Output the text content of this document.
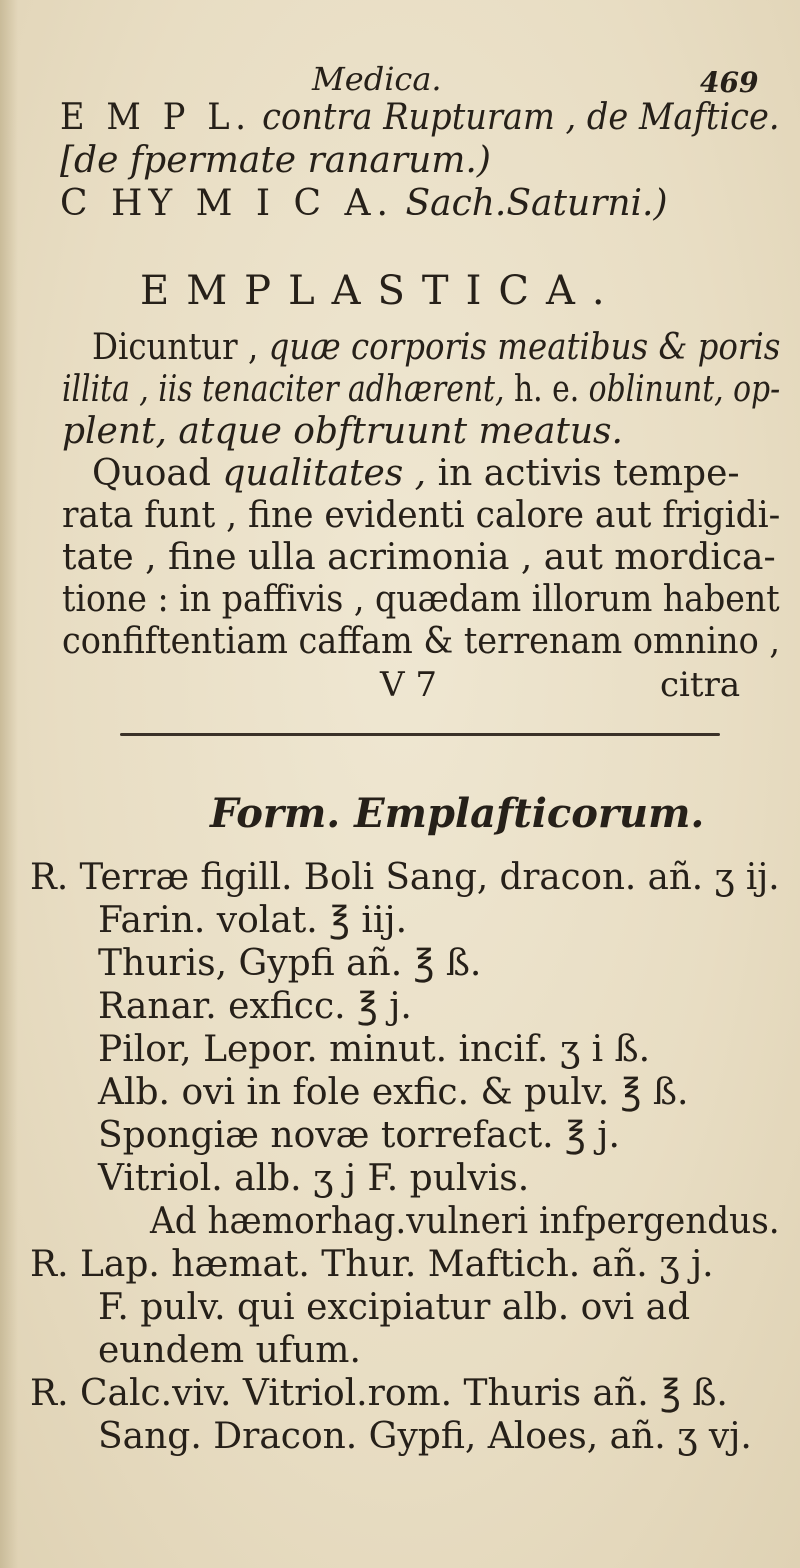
Medica.	469
E M P L. contra Rupturam , de Maftice.
[de fpermate ranarum.)
C HY M I C A. Sach.Saturni.)
EMPLASTICA.
Dicuntur , quæ corporis meatibus & poris
illita , iis tenaciter adhærent, h. e. oblinunt, op-
plent, atque obftruunt meatus.
Quoad qualitates , in activis tempe-
rata funt , fine evidenti calore aut frigidi-
tate , fine ulla acrimonia , aut mordica-
tione : in paffivis , quædam illorum habent
confiftentiam caffam & terrenam omnino ,
V 7	citra
Form. Emplafticorum.
R. Terræ figill. Boli Sang, dracon. añ. ʒ ij.
Farin. volat. ℥ iij.
Thuris, Gypfi añ. ℥ ß.
Ranar. exficc. ℥ j.
Pilor, Lepor. minut. incif. ʒ i ß.
Alb. ovi in fole exfic. & pulv. ℥ ß.
Spongiæ novæ torrefact. ℥ j.
Vitriol. alb. ʒ j F. pulvis.
Ad hæmorhag.vulneri infpergendus.
R. Lap. hæmat. Thur. Maftich. añ. ʒ j.
F. pulv. qui excipiatur alb. ovi ad
eundem ufum.
R. Calc.viv. Vitriol.rom. Thuris añ. ℥ ß.
Sang. Dracon. Gypfi, Aloes, añ. ʒ vj.
